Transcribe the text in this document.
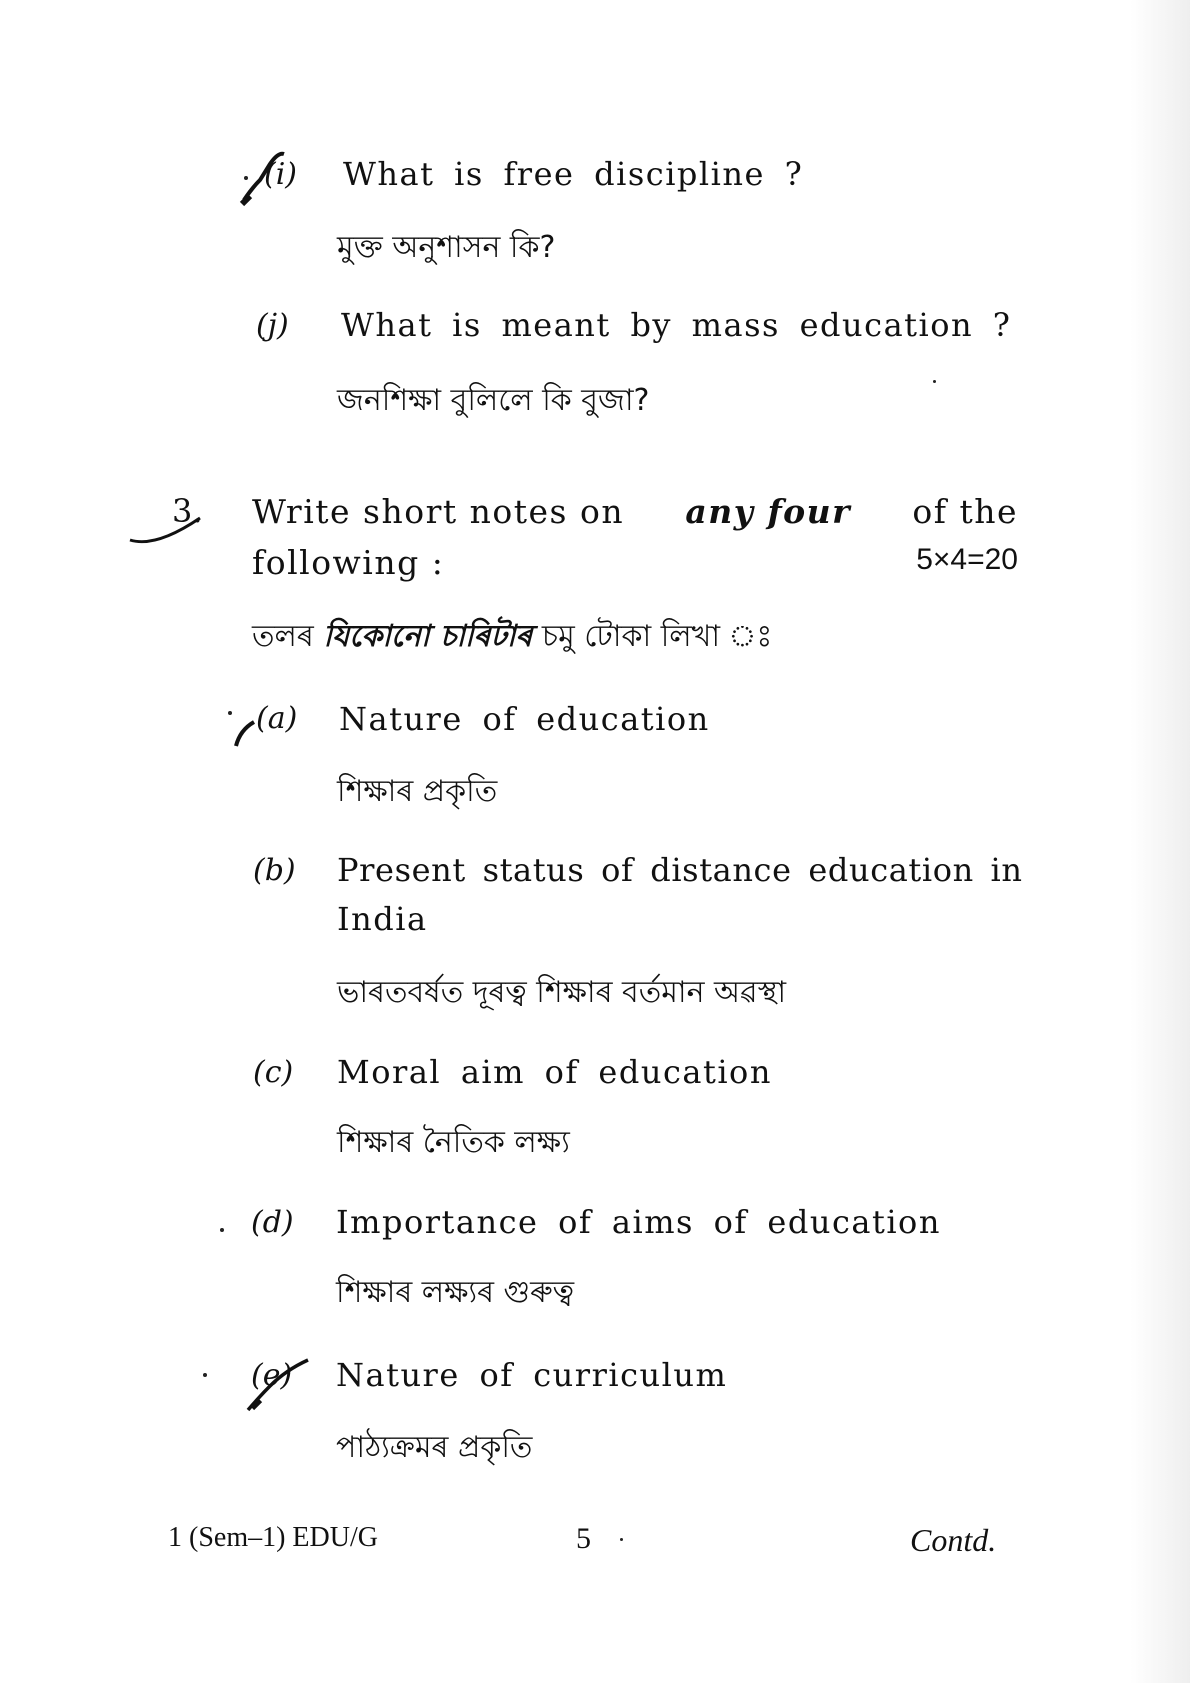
(i) What is free discipline ?
মুক্ত অনুশাসন কি?
(j) What is meant by mass education ?
জনশিক্ষা বুলিলে কি বুজা?
3. Write short notes on any four of the
following :	5×4=20
তলৰ যিকোনো চাৰিটাৰ চমু টোকা লিখা ঃ
(a) Nature of education
শিক্ষাৰ প্ৰকৃতি
(b) Present status of distance education in
India
ভাৰতবৰ্ষত দূৰত্ব শিক্ষাৰ বৰ্তমান অৱস্থা
(c) Moral aim of education
শিক্ষাৰ নৈতিক লক্ষ্য
(d) Importance of aims of education
শিক্ষাৰ লক্ষ্যৰ গুৰুত্ব
(e) Nature of curriculum
পাঠ্যক্ৰমৰ প্ৰকৃতি
1 (Sem–1) EDU/G	5	Contd.
